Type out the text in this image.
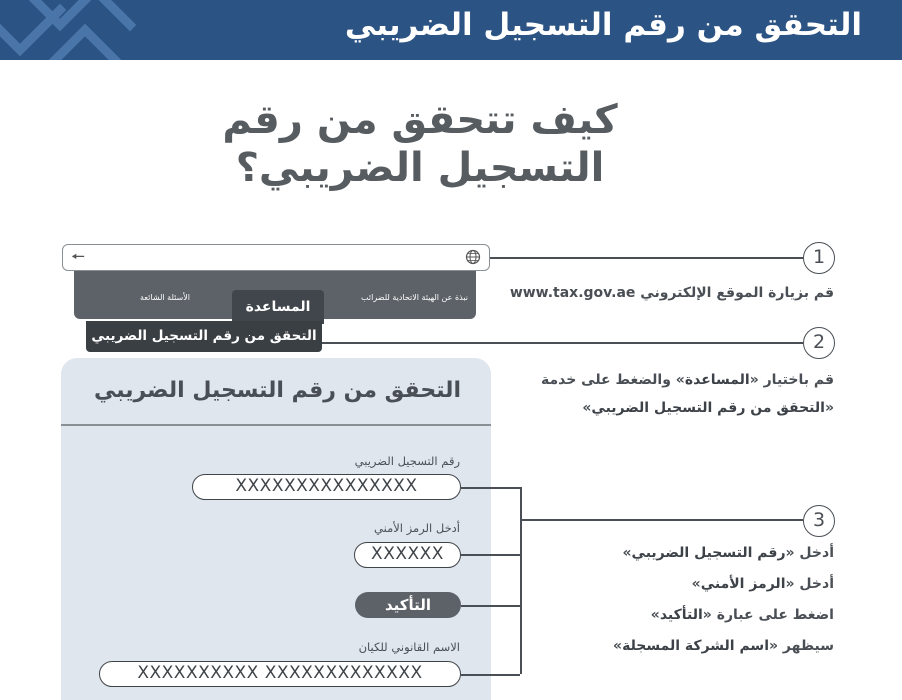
التحقق من رقم التسجيل الضريبي
كيف تتحقق من رقم
التسجيل الضريبي؟
1
قم بزيارة الموقع الإلكتروني www.tax.gov.ae
2
قم باختيار «المساعدة» والضغط على خدمة
«التحقق من رقم التسجيل الضريبي»
3
أدخل «رقم التسجيل الضريبي»
أدخل «الرمز الأمني»
اضغط على عبارة «التأكيد»
سيظهر «اسم الشركة المسجلة»
🠔
نبذة عن الهيئة الاتحادية للضرائب
الأسئلة الشائعة
المساعدة
التحقق من رقم التسجيل الضريبي
التحقق من رقم التسجيل الضريبي
رقم التسجيل الضريبي
XXXXXXXXXXXXXXX
أدخل الرمز الأمني
XXXXXX
التأكيد
الاسم القانوني للكيان
XXXXXXXXXX XXXXXXXXXXXXX
